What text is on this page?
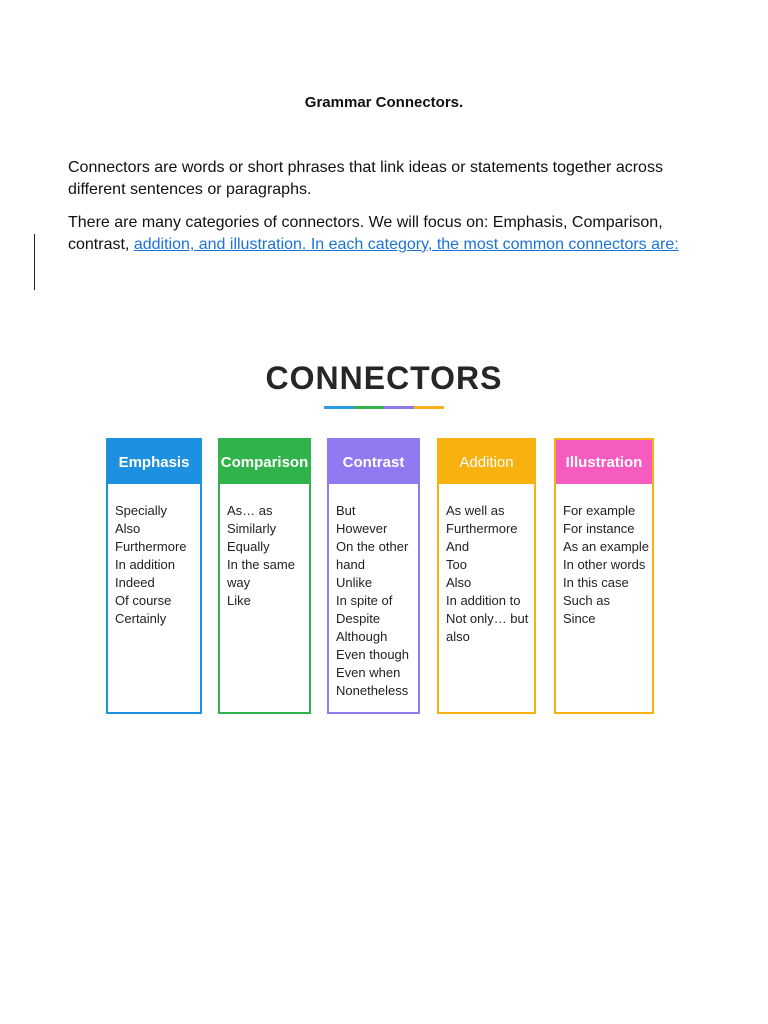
Grammar Connectors.
Connectors are words or short phrases that link ideas or statements together across different sentences or paragraphs.
There are many categories of connectors. We will focus on: Emphasis, Comparison, contrast, addition, and illustration. In each category, the most common connectors are:
CONNECTORS
Emphasis
Specially
Also
Furthermore
In addition
Indeed
Of course
Certainly
Comparison
As… as
Similarly
Equally
In the same
way
Like
Contrast
But
However
On the other
hand
Unlike
In spite of
Despite
Although
Even though
Even when
Nonetheless
Addition
As well as
Furthermore
And
Too
Also
In addition to
Not only… but
also
Illustration
For example
For instance
As an example
In other words
In this case
Such as
Since
